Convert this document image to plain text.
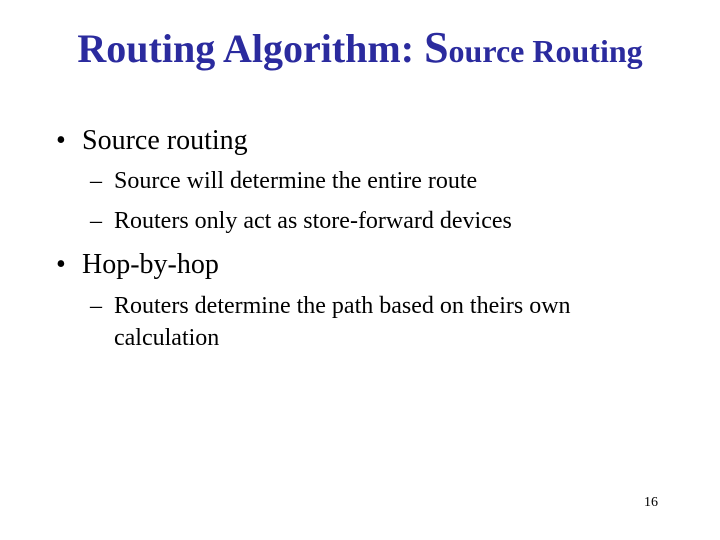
Routing Algorithm: Source Routing
• Source routing
– Source will determine the entire route
– Routers only act as store-forward devices
• Hop-by-hop
– Routers determine the path based on theirs own calculation
16
